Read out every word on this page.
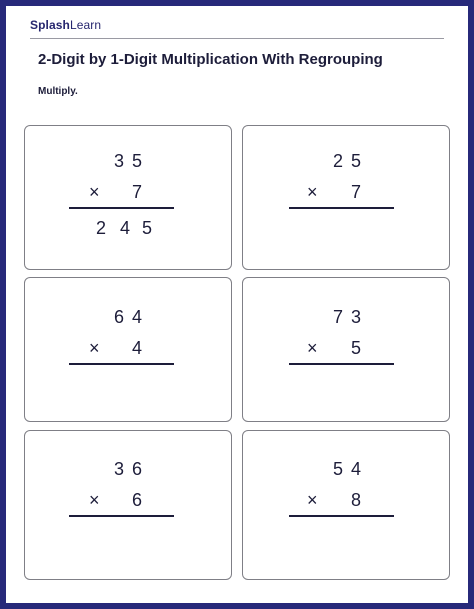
SplashLearn
2-Digit by 1-Digit Multiplication With Regrouping
Multiply.
3 5
× 7
2 4 5
2 5
× 7
6 4
× 4
7 3
× 5
3 6
× 6
5 4
× 8
